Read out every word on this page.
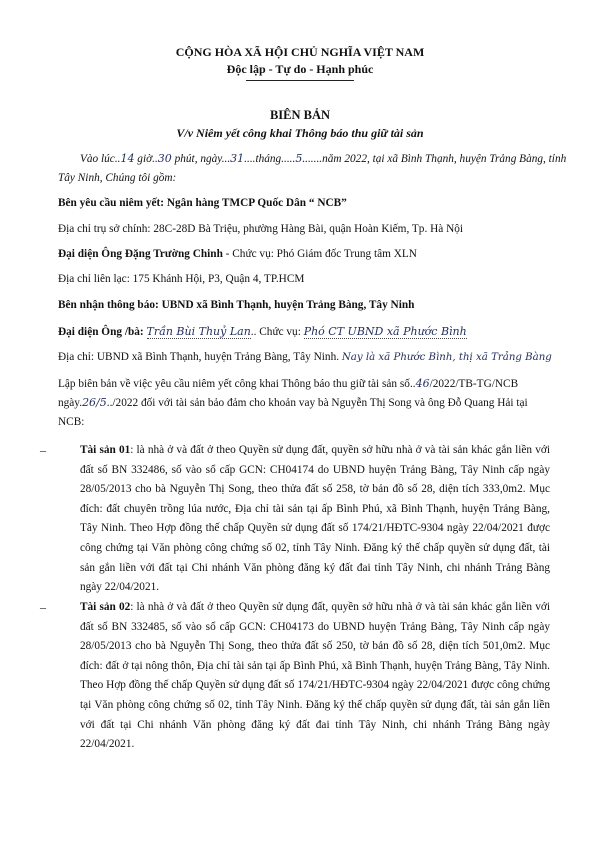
CỘNG HÒA XÃ HỘI CHỦ NGHĨA VIỆT NAM
Độc lập - Tự do - Hạnh phúc
BIÊN BẢN
V/v Niêm yết công khai Thông báo thu giữ tài sản
Vào lúc..14 giờ..30 phút, ngày...31....tháng.....5.......năm 2022, tại xã Bình Thạnh, huyện Trảng Bàng, tỉnh
Tây Ninh, Chúng tôi gồm:
Bên yêu cầu niêm yết: Ngân hàng TMCP Quốc Dân “ NCB”
Địa chỉ trụ sở chính: 28C-28D Bà Triệu, phường Hàng Bài, quận Hoàn Kiếm, Tp. Hà Nội
Đại diện Ông Đặng Trường Chinh - Chức vụ: Phó Giám đốc Trung tâm XLN
Địa chỉ liên lạc: 175 Khánh Hội, P3, Quận 4, TP.HCM
Bên nhận thông báo: UBND xã Bình Thạnh, huyện Trảng Bàng, Tây Ninh
Đại diện Ông /bà: Trần Bùi Thuỷ Lan.. Chức vụ: Phó CT UBND xã Phước Bình
Địa chỉ: UBND xã Bình Thạnh, huyện Trảng Bàng, Tây Ninh. Nay là xã Phước Bình, thị xã Trảng Bàng
Lập biên bản về việc yêu cầu niêm yết công khai Thông báo thu giữ tài sản số..46/2022/TB-TG/NCB
ngày.26/5../2022 đối với tài sản bảo đảm cho khoản vay bà Nguyễn Thị Song và ông Đỗ Quang Hải tại
NCB:
–	Tài sản 01: là nhà ở và đất ở theo Quyền sử dụng đất, quyền sở hữu nhà ở và tài sản khác gắn liền với đất số BN 332486, số vào sổ cấp GCN: CH04174 do UBND huyện Trảng Bàng, Tây Ninh cấp ngày 28/05/2013 cho bà Nguyễn Thị Song, theo thửa đất số 258, tờ bản đồ số 28, diện tích 333,0m2. Mục đích: đất chuyên trồng lúa nước, Địa chỉ tài sản tại ấp Bình Phú, xã Bình Thạnh, huyện Trảng Bàng, Tây Ninh. Theo Hợp đồng thế chấp Quyền sử dụng đất số 174/21/HĐTC-9304 ngày 22/04/2021 được công chứng tại Văn phòng công chứng số 02, tỉnh Tây Ninh. Đăng ký thế chấp quyền sử dụng đất, tài sản gắn liền với đất tại Chi nhánh Văn phòng đăng ký đất đai tỉnh Tây Ninh, chi nhánh Trảng Bàng ngày 22/04/2021.
–	Tài sản 02: là nhà ở và đất ở theo Quyền sử dụng đất, quyền sở hữu nhà ở và tài sản khác gắn liền với đất số BN 332485, số vào sổ cấp GCN: CH04173 do UBND huyện Trảng Bàng, Tây Ninh cấp ngày 28/05/2013 cho bà Nguyễn Thị Song, theo thửa đất số 250, tờ bản đồ số 28, diện tích 501,0m2. Mục đích: đất ở tại nông thôn, Địa chỉ tài sản tại ấp Bình Phú, xã Bình Thạnh, huyện Trảng Bàng, Tây Ninh. Theo Hợp đồng thế chấp Quyền sử dụng đất số 174/21/HĐTC-9304 ngày 22/04/2021 được công chứng tại Văn phòng công chứng số 02, tỉnh Tây Ninh. Đăng ký thế chấp quyền sử dụng đất, tài sản gắn liền với đất tại Chi nhánh Văn phòng đăng ký đất đai tỉnh Tây Ninh, chi nhánh Trảng Bàng ngày 22/04/2021.
